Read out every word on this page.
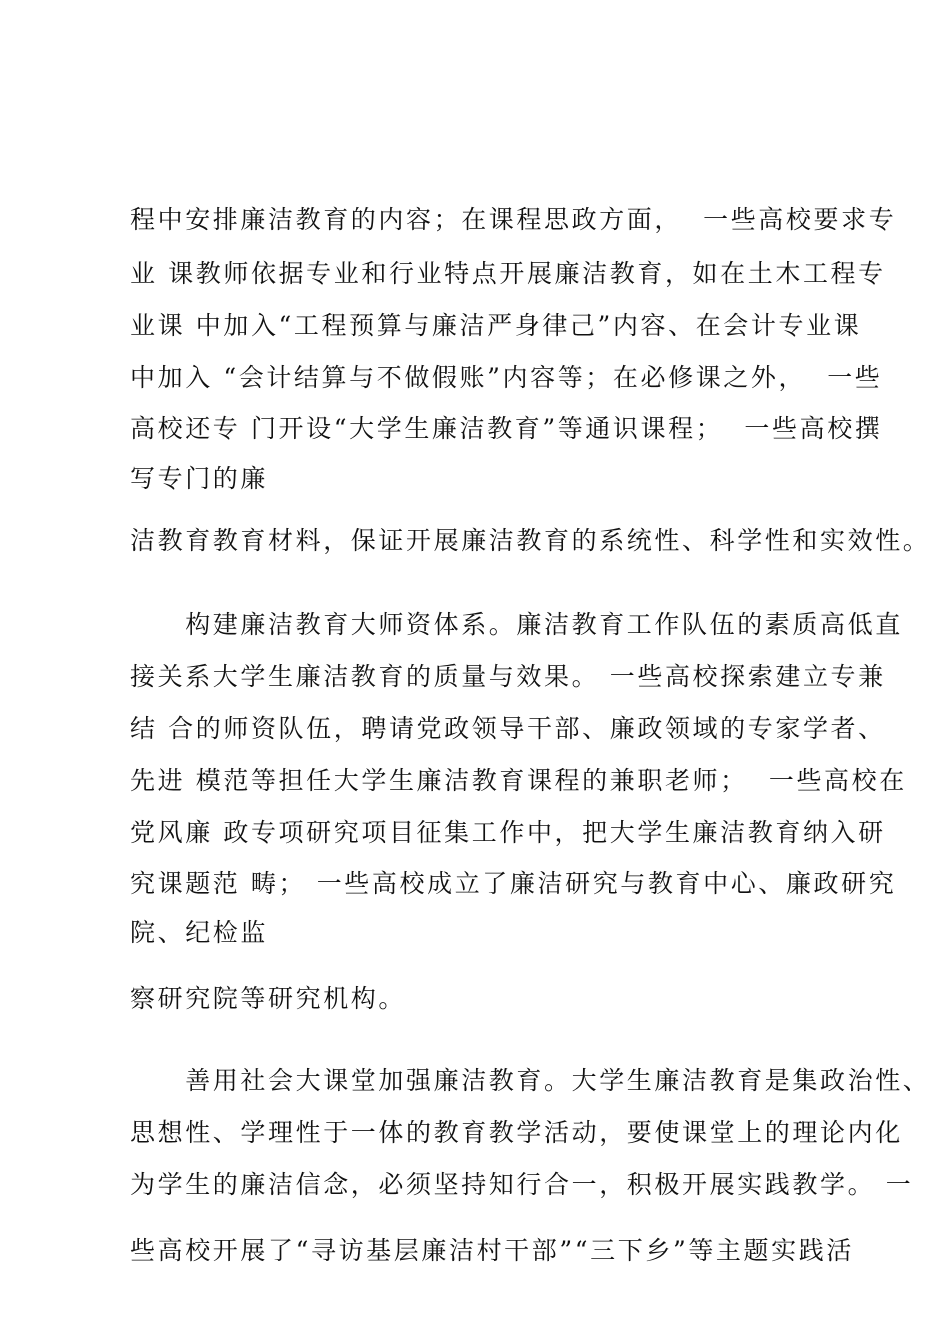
程中安排廉洁教育的内容；在课程思政方面，  一些高校要求专

业 课教师依据专业和行业特点开展廉洁教育，如在土木工程专

业课 中加入“工程预算与廉洁严身律己”内容、在会计专业课

中加入 “会计结算与不做假账”内容等；在必修课之外，  一些

高校还专 门开设“大学生廉洁教育”等通识课程；  一些高校撰

写专门的廉

洁教育教育材料，保证开展廉洁教育的系统性、科学性和实效性。

　　构建廉洁教育大师资体系。廉洁教育工作队伍的素质高低直

接关系大学生廉洁教育的质量与效果。 一些高校探索建立专兼

结 合的师资队伍，聘请党政领导干部、廉政领域的专家学者、

先进 模范等担任大学生廉洁教育课程的兼职老师；  一些高校在

党风廉 政专项研究项目征集工作中，把大学生廉洁教育纳入研

究课题范 畴； 一些高校成立了廉洁研究与教育中心、廉政研究

院、纪检监

察研究院等研究机构。

　　善用社会大课堂加强廉洁教育。大学生廉洁教育是集政治性、

思想性、学理性于一体的教育教学活动，要使课堂上的理论内化

为学生的廉洁信念，必须坚持知行合一，积极开展实践教学。 一

些高校开展了“寻访基层廉洁村干部”“三下乡”等主题实践活
